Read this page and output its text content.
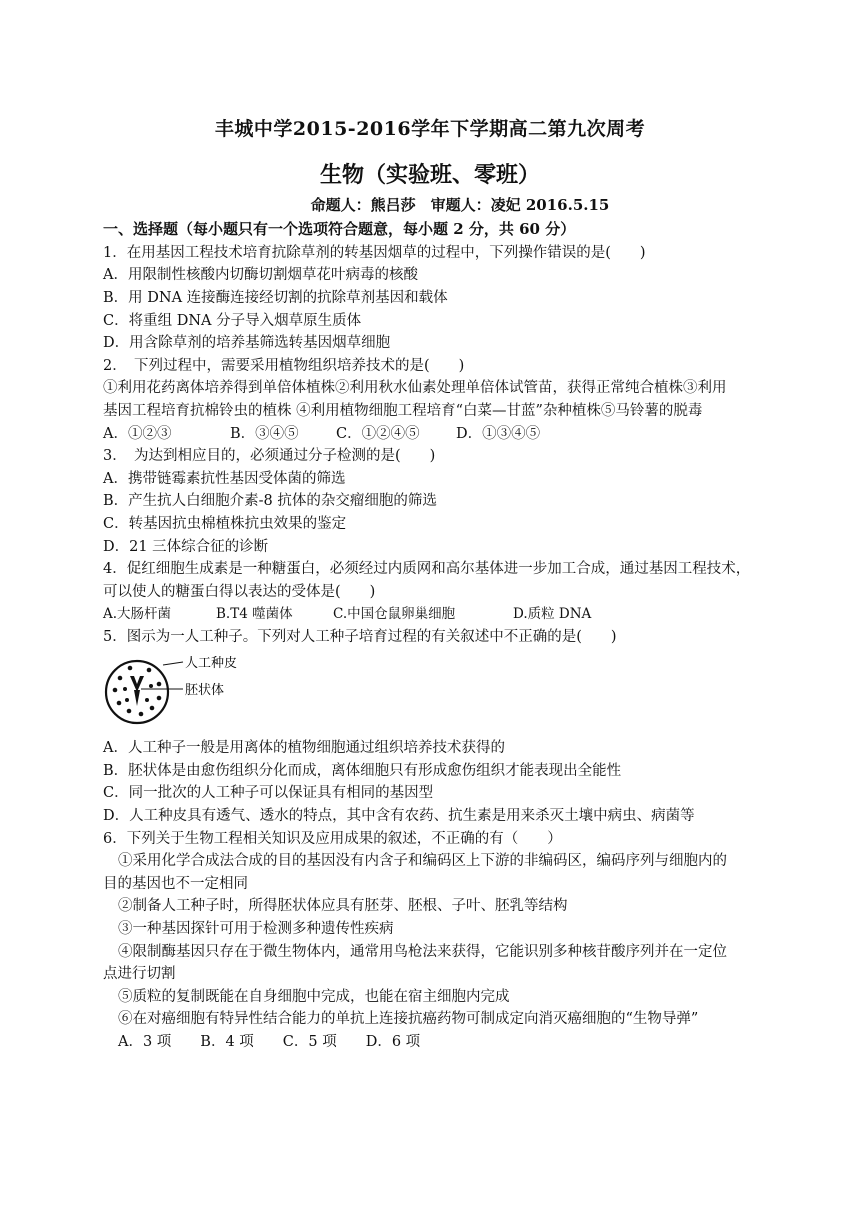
丰城中学2015-2016学年下学期高二第九次周考
生物（实验班、零班）
命题人：熊吕莎　审题人：凌妃 2016.5.15
一、选择题（每小题只有一个选项符合题意，每小题 2 分，共 60 分）
1．在用基因工程技术培育抗除草剂的转基因烟草的过程中，下列操作错误的是(　　)
A．用限制性核酸内切酶切割烟草花叶病毒的核酸
B．用 DNA 连接酶连接经切割的抗除草剂基因和载体
C．将重组 DNA 分子导入烟草原生质体
D．用含除草剂的培养基筛选转基因烟草细胞
2．　下列过程中，需要采用植物组织培养技术的是(　　)
①利用花药离体培养得到单倍体植株②利用秋水仙素处理单倍体试管苗，获得正常纯合植株③利用
基因工程培育抗棉铃虫的植株 ④利用植物细胞工程培育“白菜—甘蓝”杂种植株⑤马铃薯的脱毒
A．①②③	B．③④⑤	C．①②④⑤	D．①③④⑤
3．　为达到相应目的，必须通过分子检测的是(　　)
A．携带链霉素抗性基因受体菌的筛选
B．产生抗人白细胞介素-8 抗体的杂交瘤细胞的筛选
C．转基因抗虫棉植株抗虫效果的鉴定
D．21 三体综合征的诊断
4．促红细胞生成素是一种糖蛋白，必须经过内质网和高尔基体进一步加工合成，通过基因工程技术，
可以使人的糖蛋白得以表达的受体是(　　)
A.大肠杆菌	B.T4 噬菌体	C.中国仓鼠卵巢细胞	D.质粒 DNA
5．图示为一人工种子。下列对人工种子培育过程的有关叙述中不正确的是(　　)
人工种皮
胚状体
A．人工种子一般是用离体的植物细胞通过组织培养技术获得的
B．胚状体是由愈伤组织分化而成，离体细胞只有形成愈伤组织才能表现出全能性
C．同一批次的人工种子可以保证具有相同的基因型
D．人工种皮具有透气、透水的特点，其中含有农药、抗生素是用来杀灭土壤中病虫、病菌等
6．下列关于生物工程相关知识及应用成果的叙述，不正确的有（　　）
①采用化学合成法合成的目的基因没有内含子和编码区上下游的非编码区，编码序列与细胞内的
目的基因也不一定相同
②制备人工种子时，所得胚状体应具有胚芽、胚根、子叶、胚乳等结构
③一种基因探针可用于检测多种遗传性疾病
④限制酶基因只存在于微生物体内，通常用鸟枪法来获得，它能识别多种核苷酸序列并在一定位
点进行切割
⑤质粒的复制既能在自身细胞中完成，也能在宿主细胞内完成
⑥在对癌细胞有特异性结合能力的单抗上连接抗癌药物可制成定向消灭癌细胞的“生物导弹”
A．3 项　　B．4 项　　C．5 项　　D．6 项
